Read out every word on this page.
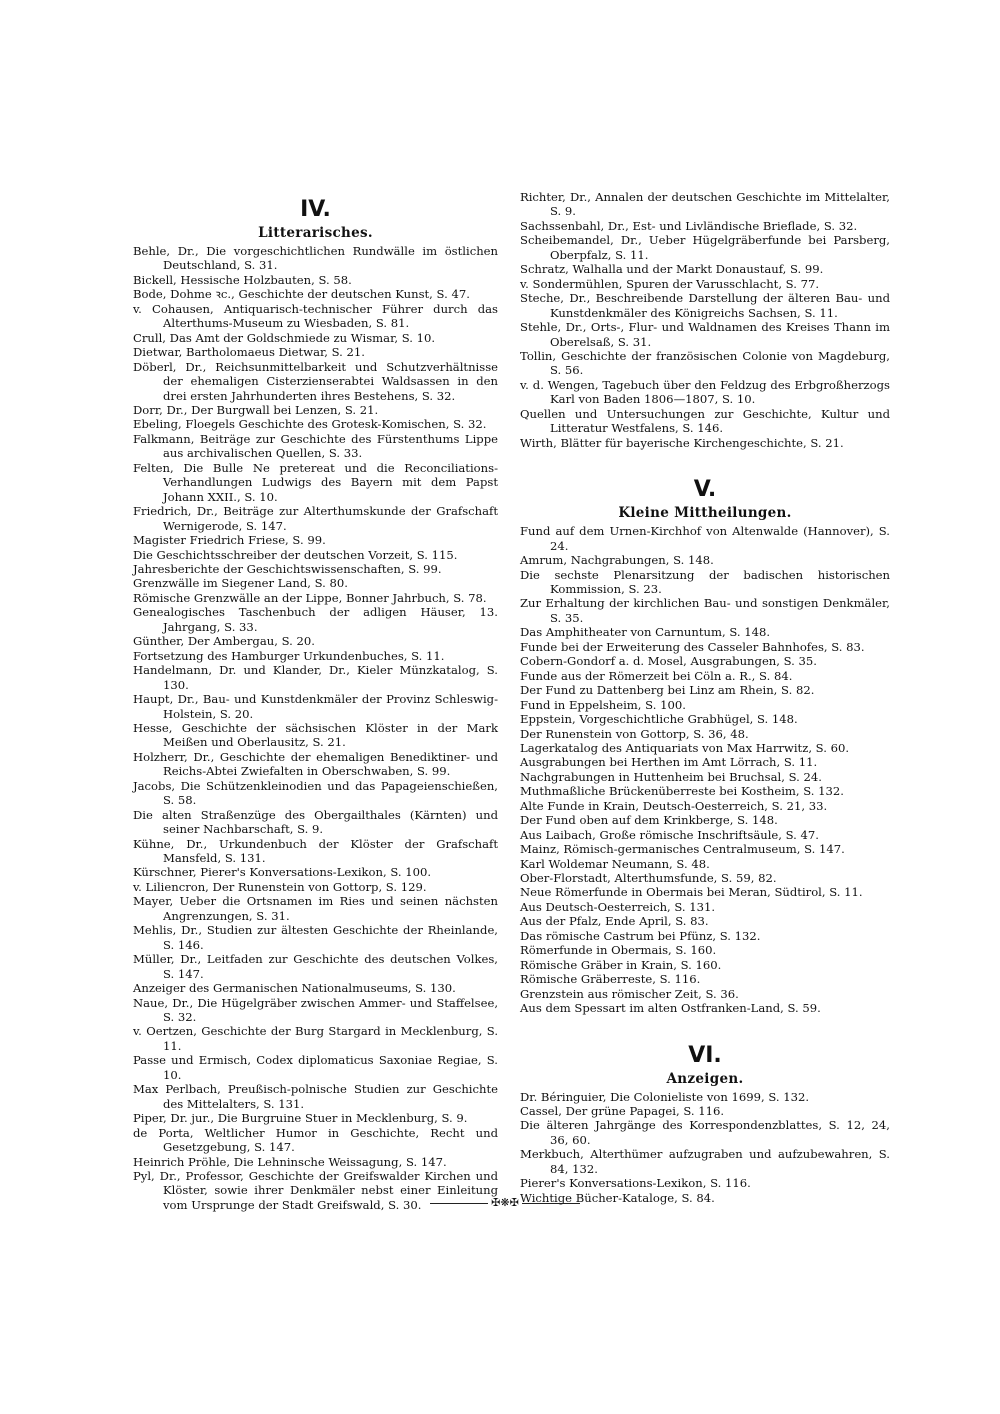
IV.
Litterarisches.

Behle, Dr., Die vorgeschichtlichen Rundwälle im östlichen Deutschland, S. 31.

Bickell, Hessische Holzbauten, S. 58.

Bode, Dohme ꝛc., Geschichte der deutschen Kunst, S. 47.

v. Cohausen, Antiquarisch-technischer Führer durch das Alterthums-Museum zu Wiesbaden, S. 81.

Crull, Das Amt der Goldschmiede zu Wismar, S. 10.

Dietwar, Bartholomaeus Dietwar, S. 21.

Döberl, Dr., Reichsunmittelbarkeit und Schutzverhältnisse der ehemaligen Cisterzienserabtei Waldsassen in den drei ersten Jahrhunderten ihres Bestehens, S. 32.

Dorr, Dr., Der Burgwall bei Lenzen, S. 21.

Ebeling, Floegels Geschichte des Grotesk-Komischen, S. 32.

Falkmann, Beiträge zur Geschichte des Fürstenthums Lippe aus archivalischen Quellen, S. 33.

Felten, Die Bulle Ne pretereat und die Reconciliations-Verhandlungen Ludwigs des Bayern mit dem Papst Johann XXII., S. 10.

Friedrich, Dr., Beiträge zur Alterthumskunde der Grafschaft Wernigerode, S. 147.

Magister Friedrich Friese, S. 99.

Die Geschichtsschreiber der deutschen Vorzeit, S. 115.

Jahresberichte der Geschichtswissenschaften, S. 99.

Grenzwälle im Siegener Land, S. 80.

Römische Grenzwälle an der Lippe, Bonner Jahrbuch, S. 78.

Genealogisches Taschenbuch der adligen Häuser, 13. Jahrgang, S. 33.

Günther, Der Ambergau, S. 20.

Fortsetzung des Hamburger Urkundenbuches, S. 11.

Handelmann, Dr. und Klander, Dr., Kieler Münzkatalog, S. 130.

Haupt, Dr., Bau- und Kunstdenkmäler der Provinz Schleswig-Holstein, S. 20.

Hesse, Geschichte der sächsischen Klöster in der Mark Meißen und Oberlausitz, S. 21.

Holzherr, Dr., Geschichte der ehemaligen Benediktiner- und Reichs-Abtei Zwiefalten in Oberschwaben, S. 99.

Jacobs, Die Schützenkleinodien und das Papageienschießen, S. 58.

Die alten Straßenzüge des Obergailthales (Kärnten) und seiner Nachbarschaft, S. 9.

Kühne, Dr., Urkundenbuch der Klöster der Grafschaft Mansfeld, S. 131.

Kürschner, Pierer's Konversations-Lexikon, S. 100.

v. Liliencron, Der Runenstein von Gottorp, S. 129.

Mayer, Ueber die Ortsnamen im Ries und seinen nächsten Angrenzungen, S. 31.

Mehlis, Dr., Studien zur ältesten Geschichte der Rheinlande, S. 146.

Müller, Dr., Leitfaden zur Geschichte des deutschen Volkes, S. 147.

Anzeiger des Germanischen Nationalmuseums, S. 130.

Naue, Dr., Die Hügelgräber zwischen Ammer- und Staffelsee, S. 32.

v. Oertzen, Geschichte der Burg Stargard in Mecklenburg, S. 11.

Passe und Ermisch, Codex diplomaticus Saxoniae Regiae, S. 10.

Max Perlbach, Preußisch-polnische Studien zur Geschichte des Mittelalters, S. 131.

Piper, Dr. jur., Die Burgruine Stuer in Mecklenburg, S. 9.

de Porta, Weltlicher Humor in Geschichte, Recht und Gesetzgebung, S. 147.

Heinrich Pröhle, Die Lehninsche Weissagung, S. 147.

Pyl, Dr., Professor, Geschichte der Greifswalder Kirchen und Klöster, sowie ihrer Denkmäler nebst einer Einleitung vom Ursprunge der Stadt Greifswald, S. 30.

Richter, Dr., Annalen der deutschen Geschichte im Mittelalter, S. 9.

Sachssenbahl, Dr., Est- und Livländische Brieflade, S. 32.

Scheibemandel, Dr., Ueber Hügelgräberfunde bei Parsberg, Oberpfalz, S. 11.

Schratz, Walhalla und der Markt Donaustauf, S. 99.

v. Sondermühlen, Spuren der Varusschlacht, S. 77.

Steche, Dr., Beschreibende Darstellung der älteren Bau- und Kunstdenkmäler des Königreichs Sachsen, S. 11.

Stehle, Dr., Orts-, Flur- und Waldnamen des Kreises Thann im Oberelsaß, S. 31.

Tollin, Geschichte der französischen Colonie von Magdeburg, S. 56.

v. d. Wengen, Tagebuch über den Feldzug des Erbgroßherzogs Karl von Baden 1806—1807, S. 10.

Quellen und Untersuchungen zur Geschichte, Kultur und Litteratur Westfalens, S. 146.

Wirth, Blätter für bayerische Kirchengeschichte, S. 21.

V.
Kleine Mittheilungen.

Fund auf dem Urnen-Kirchhof von Altenwalde (Hannover), S. 24.

Amrum, Nachgrabungen, S. 148.

Die sechste Plenarsitzung der badischen historischen Kommission, S. 23.

Zur Erhaltung der kirchlichen Bau- und sonstigen Denkmäler, S. 35.

Das Amphitheater von Carnuntum, S. 148.

Funde bei der Erweiterung des Casseler Bahnhofes, S. 83.

Cobern-Gondorf a. d. Mosel, Ausgrabungen, S. 35.

Funde aus der Römerzeit bei Cöln a. R., S. 84.

Der Fund zu Dattenberg bei Linz am Rhein, S. 82.

Fund in Eppelsheim, S. 100.

Eppstein, Vorgeschichtliche Grabhügel, S. 148.

Der Runenstein von Gottorp, S. 36, 48.

Lagerkatalog des Antiquariats von Max Harrwitz, S. 60.

Ausgrabungen bei Herthen im Amt Lörrach, S. 11.

Nachgrabungen in Huttenheim bei Bruchsal, S. 24.

Muthmaßliche Brückenüberreste bei Kostheim, S. 132.

Alte Funde in Krain, Deutsch-Oesterreich, S. 21, 33.

Der Fund oben auf dem Krinkberge, S. 148.

Aus Laibach, Große römische Inschriftsäule, S. 47.

Mainz, Römisch-germanisches Centralmuseum, S. 147.

Karl Woldemar Neumann, S. 48.

Ober-Florstadt, Alterthumsfunde, S. 59, 82.

Neue Römerfunde in Obermais bei Meran, Südtirol, S. 11.

Aus Deutsch-Oesterreich, S. 131.

Aus der Pfalz, Ende April, S. 83.

Das römische Castrum bei Pfünz, S. 132.

Römerfunde in Obermais, S. 160.

Römische Gräber in Krain, S. 160.

Römische Gräberreste, S. 116.

Grenzstein aus römischer Zeit, S. 36.

Aus dem Spessart im alten Ostfranken-Land, S. 59.

VI.
Anzeigen.

Dr. Béringuier, Die Colonieliste von 1699, S. 132.

Cassel, Der grüne Papagei, S. 116.

Die älteren Jahrgänge des Korrespondenzblattes, S. 12, 24, 36, 60.

Merkbuch, Alterthümer aufzugraben und aufzubewahren, S. 84, 132.

Pierer's Konversations-Lexikon, S. 116.

Wichtige Bücher-Kataloge, S. 84.

✠❋✠
